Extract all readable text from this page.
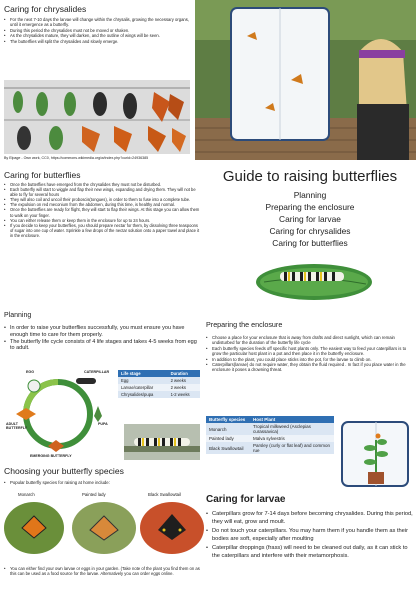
Caring for chrysalides
• For the next 7-10 days the larvae will change within the chrysalis, growing the necessary organs, until it emergence as a butterfly.
• During this period the chrysalides must not be moved or shaken.
• As the chrysalides mature, they will darken, and the outline of wings will be seen.
• The butterflies will split the chrysalides and slowly emerge.
By Elpage - Own work, CC0, https://commons.wikimedia.org/w/index.php?curid=24936385
Caring for butterflies
• Once the butterflies have emerged from the chrysalides they must not be disturbed.
• Each butterfly will start to wiggle and flap their new wings, expanding and drying them. They will not be able to fly for several hours
• They will also coil and uncoil their proboscis(tongues), in order to them to fuse into a complete tube.
• The expulsion on red meconium from the abdomen, during this time, is healthy and normal.
• Once the butterflies are ready for flight, they will start to flap their wings. At this stage you can allow them to walk on your finger.
• You can either release them or keep them in the enclosure for up to 24 hours.
• If you decide to keep your butterflies, you should prepare nectar for them, by dissolving three teaspoons of sugar into one cup of water. Sprinkle a few drops of the nectar solution onto a paper towel and place it in the enclosure.
Guide to raising butterflies
Planning
Preparing the enclosure
Caring for larvae
Caring for chrysalides
Caring for butterflies
Planning
• In order to raise your butterflies successfully, you must ensure you have enough time to care for them properly.
• The butterfly life cycle consists of 4 life stages and takes 4-5 weeks from egg to adult.
EGG	CATERPILLAR
PUPA
EMERGING BUTTERFLY
ADULT BUTTERFLY
Life stage	Duration
Egg	2 weeks
Larvae/caterpillar	2 weeks
Chrysalides/pupa	1-2 weeks
Choosing your butterfly species
• Popular butterfly species for raising at home include:
Monarch	Painted lady	Black Swallowtail
• You can either find your own larvae or eggs in your garden. (Take note of the plant you find them on as this can be used as a food source for the larvae. Alternatively you can order eggs online.
Preparing the enclosure
• Choose a place for your enclosure that is away from drafts and direct sunlight, which can remain undisturbed for the duration of the butterfly life cycle
• Each butterfly species feeds off specific host plants only. The easiest way to feed your caterpillars is to grow the particular host plant in a pot and then place it in the butterfly enclosure.
• In addition to the plant, you could place sticks into the pot, for the larvae to climb on.
• Caterpillars(larvae) do not require water, they obtain the fluid required . In fact if you place water in the enclosure it poses a drowning threat.
Butterfly species	Host Plant
Monarch	Tropical milkweed (Asclepias curassavica)
Painted lady	Malva sylvestris
Black Swallowtail	Parsley (curly or flat leaf) and common rue
Caring for larvae
• Caterpillars grow for 7-14 days before becoming chrysalides. During this period, they will eat, grow and moult.
• Do not touch your caterpillars. You may harm them if you handle them as their bodies are soft, especially after moulting
• Caterpillar droppings (frass) will need to be cleaned out daily, as it can stick to the caterpillars and interfere with their metamorphosis.
